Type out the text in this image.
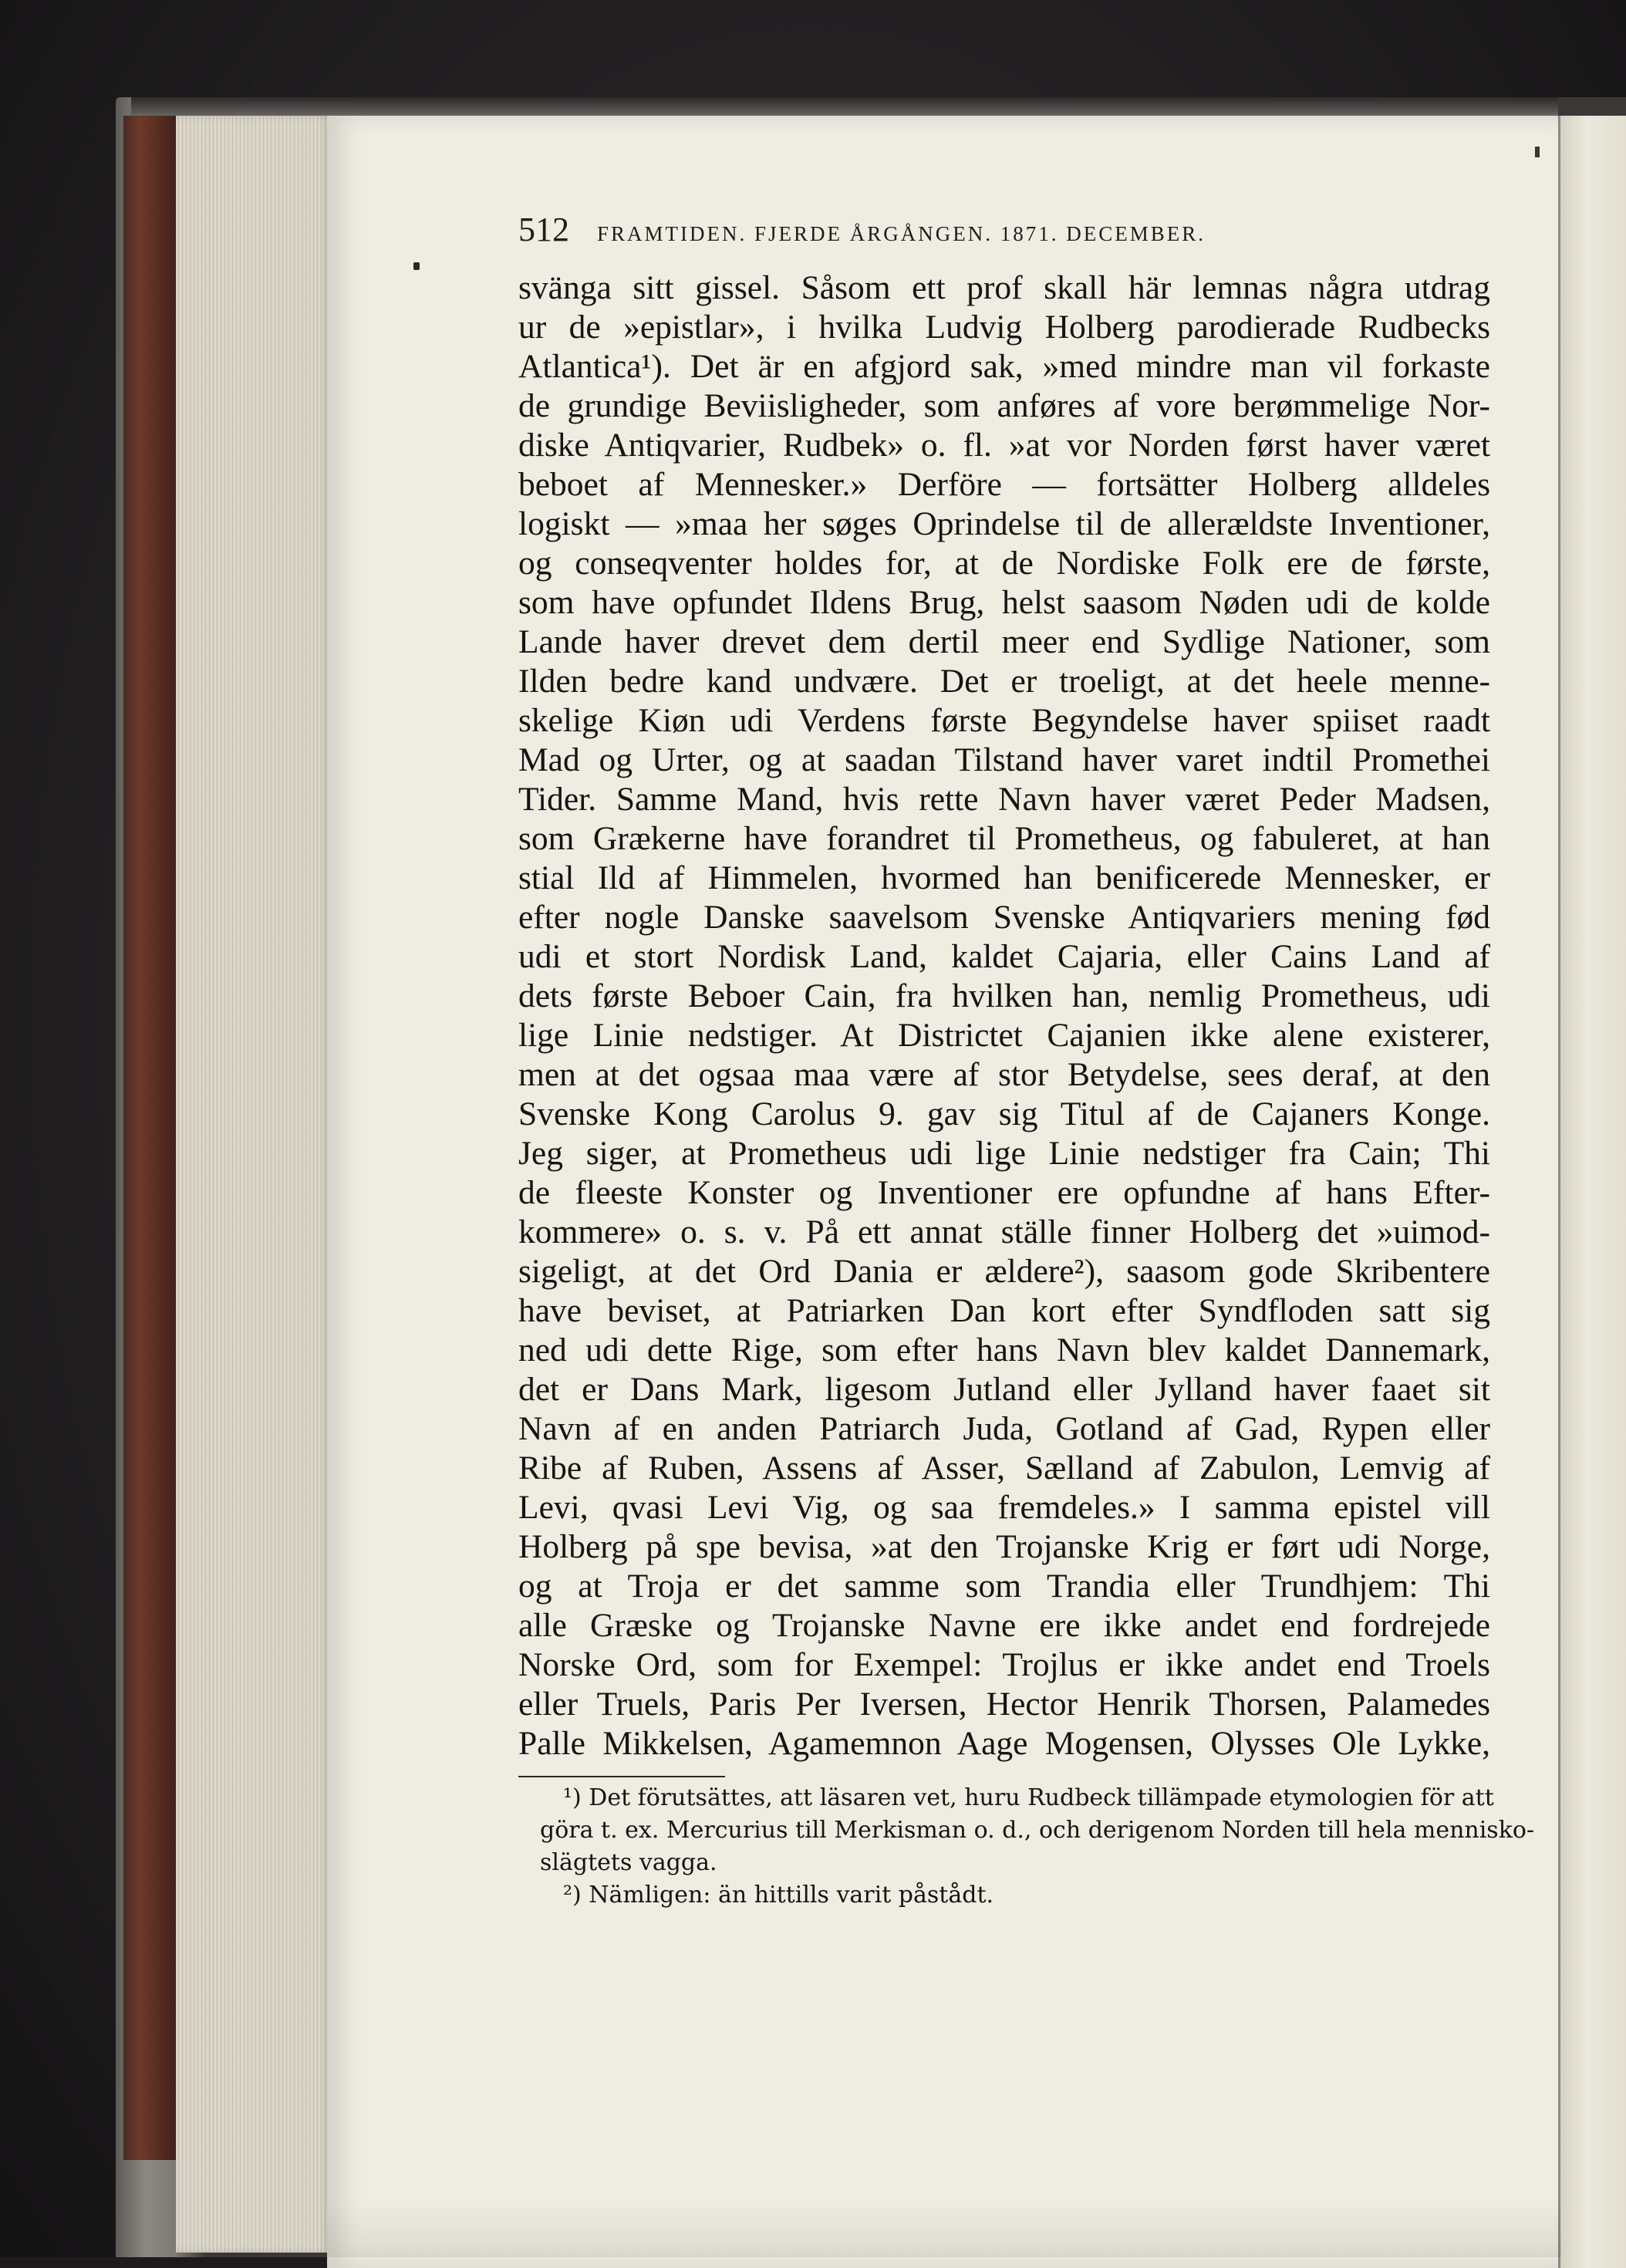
512 FRAMTIDEN. FJERDE ÅRGÅNGEN. 1871. DECEMBER.
svänga sitt gissel. Såsom ett prof skall här lemnas några utdrag
ur de »epistlar», i hvilka Ludvig Holberg parodierade Rudbecks
Atlantica¹). Det är en afgjord sak, »med mindre man vil forkaste
de grundige Beviisligheder, som anføres af vore berømmelige Nor-
diske Antiqvarier, Rudbek» o. fl. »at vor Norden først haver været
beboet af Mennesker.» Derföre — fortsätter Holberg alldeles
logiskt — »maa her søges Oprindelse til de allerældste Inventioner,
og conseqventer holdes for, at de Nordiske Folk ere de første,
som have opfundet Ildens Brug, helst saasom Nøden udi de kolde
Lande haver drevet dem dertil meer end Sydlige Nationer, som
Ilden bedre kand undvære. Det er troeligt, at det heele menne-
skelige Kiøn udi Verdens første Begyndelse haver spiiset raadt
Mad og Urter, og at saadan Tilstand haver varet indtil Promethei
Tider. Samme Mand, hvis rette Navn haver været Peder Madsen,
som Grækerne have forandret til Prometheus, og fabuleret, at han
stial Ild af Himmelen, hvormed han benificerede Mennesker, er
efter nogle Danske saavelsom Svenske Antiqvariers mening fød
udi et stort Nordisk Land, kaldet Cajaria, eller Cains Land af
dets første Beboer Cain, fra hvilken han, nemlig Prometheus, udi
lige Linie nedstiger. At Districtet Cajanien ikke alene existerer,
men at det ogsaa maa være af stor Betydelse, sees deraf, at den
Svenske Kong Carolus 9. gav sig Titul af de Cajaners Konge.
Jeg siger, at Prometheus udi lige Linie nedstiger fra Cain; Thi
de fleeste Konster og Inventioner ere opfundne af hans Efter-
kommere» o. s. v. På ett annat ställe finner Holberg det »uimod-
sigeligt, at det Ord Dania er ældere²), saasom gode Skribentere
have beviset, at Patriarken Dan kort efter Syndfloden satt sig
ned udi dette Rige, som efter hans Navn blev kaldet Dannemark,
det er Dans Mark, ligesom Jutland eller Jylland haver faaet sit
Navn af en anden Patriarch Juda, Gotland af Gad, Rypen eller
Ribe af Ruben, Assens af Asser, Sælland af Zabulon, Lemvig af
Levi, qvasi Levi Vig, og saa fremdeles.» I samma epistel vill
Holberg på spe bevisa, »at den Trojanske Krig er ført udi Norge,
og at Troja er det samme som Trandia eller Trundhjem: Thi
alle Græske og Trojanske Navne ere ikke andet end fordrejede
Norske Ord, som for Exempel: Trojlus er ikke andet end Troels
eller Truels, Paris Per Iversen, Hector Henrik Thorsen, Palamedes
Palle Mikkelsen, Agamemnon Aage Mogensen, Olysses Ole Lykke,
¹) Det förutsättes, att läsaren vet, huru Rudbeck tillämpade etymologien för att
göra t. ex. Mercurius till Merkisman o. d., och derigenom Norden till hela mennisko-
slägtets vagga.
²) Nämligen: än hittills varit påstådt.
